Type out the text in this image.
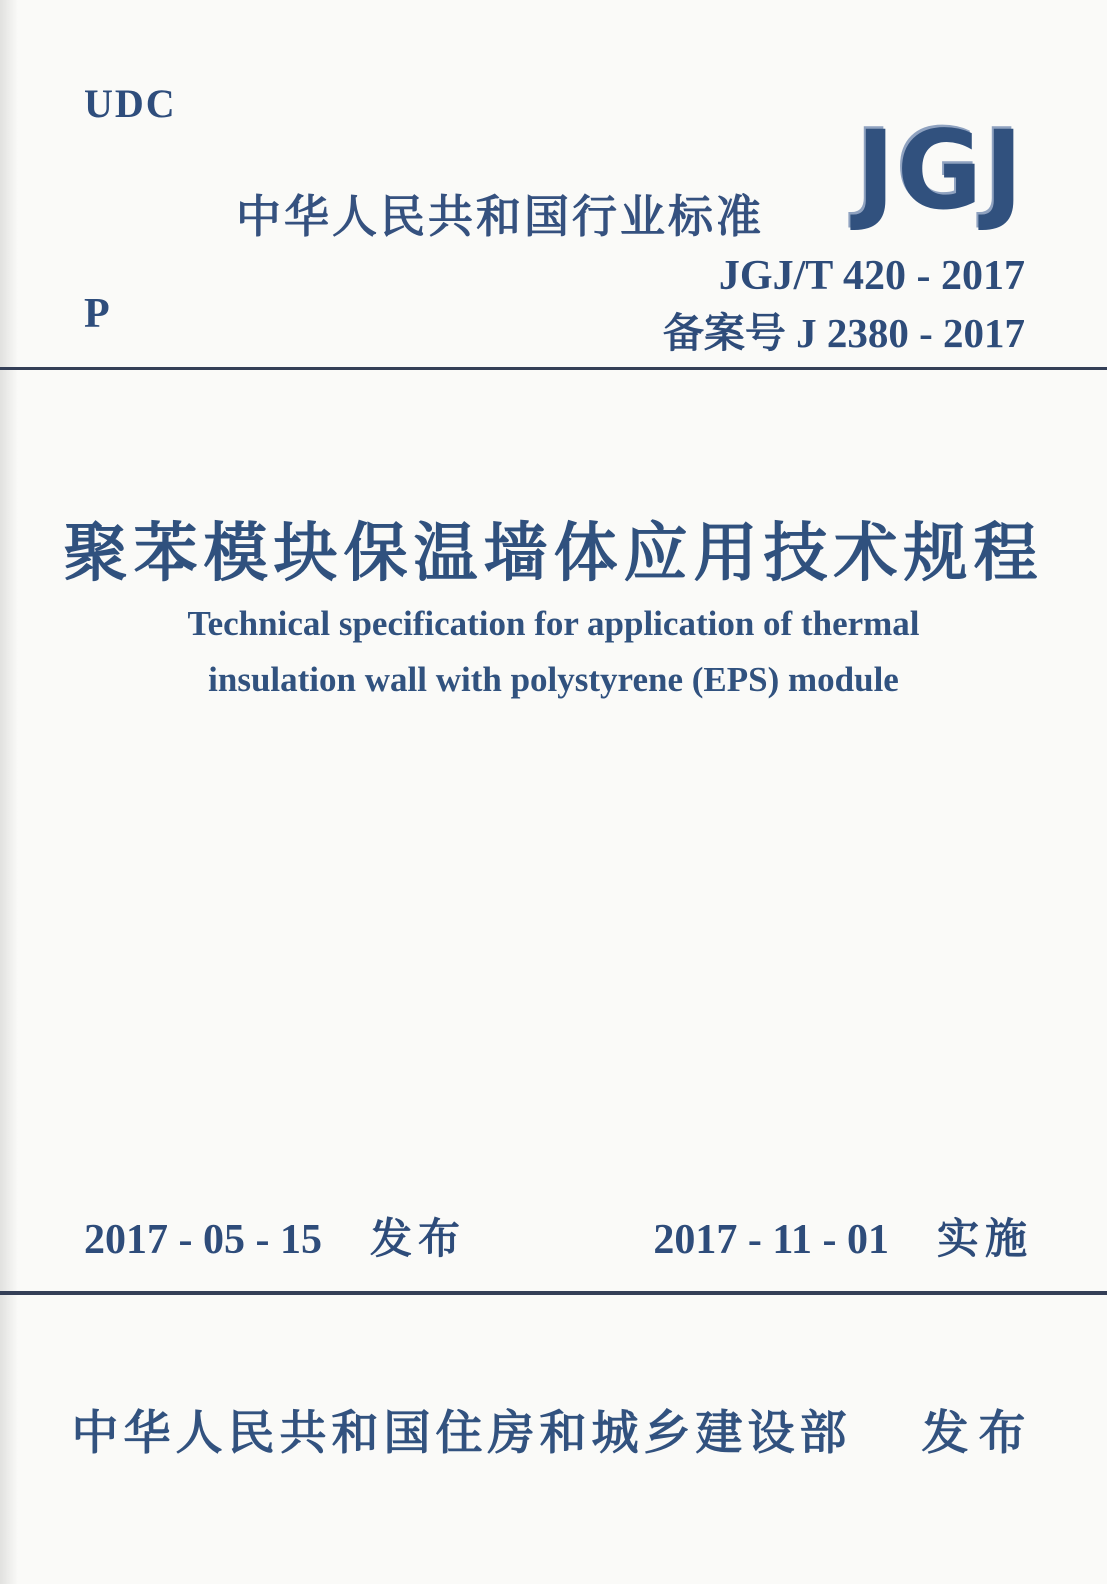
UDC
中华人民共和国行业标准 JGJ
JGJ/T 420 - 2017
备案号 J 2380 - 2017
P
聚苯模块保温墙体应用技术规程
Technical specification for application of thermal
insulation wall with polystyrene (EPS) module
2017 - 05 - 15 发布	2017 - 11 - 01 实施
中华人民共和国住房和城乡建设部 发布
